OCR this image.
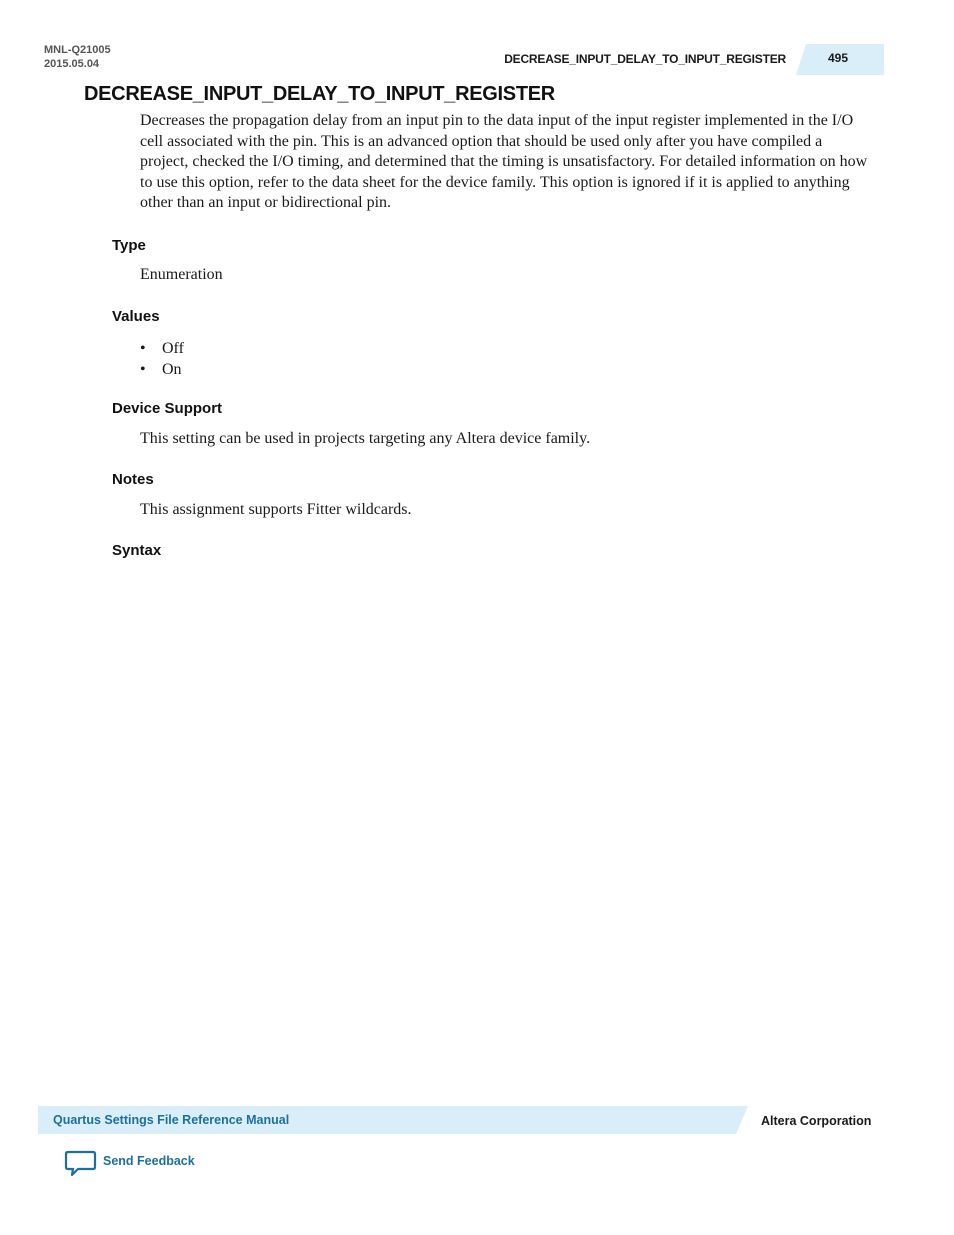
MNL-Q21005
2015.05.04	DECREASE_INPUT_DELAY_TO_INPUT_REGISTER	495
DECREASE_INPUT_DELAY_TO_INPUT_REGISTER

Decreases the propagation delay from an input pin to the data input of the input register implemented in the I/O cell associated with the pin. This is an advanced option that should be used only after you have compiled a project, checked the I/O timing, and determined that the timing is unsatisfactory. For detailed information on how to use this option, refer to the data sheet for the device family. This option is ignored if it is applied to anything other than an input or bidirectional pin.

Type

Enumeration

Values
• Off
• On
Device Support

This setting can be used in projects targeting any Altera device family.

Notes

This assignment supports Fitter wildcards.

Syntax
Quartus Settings File Reference Manual	Altera Corporation
Send Feedback
